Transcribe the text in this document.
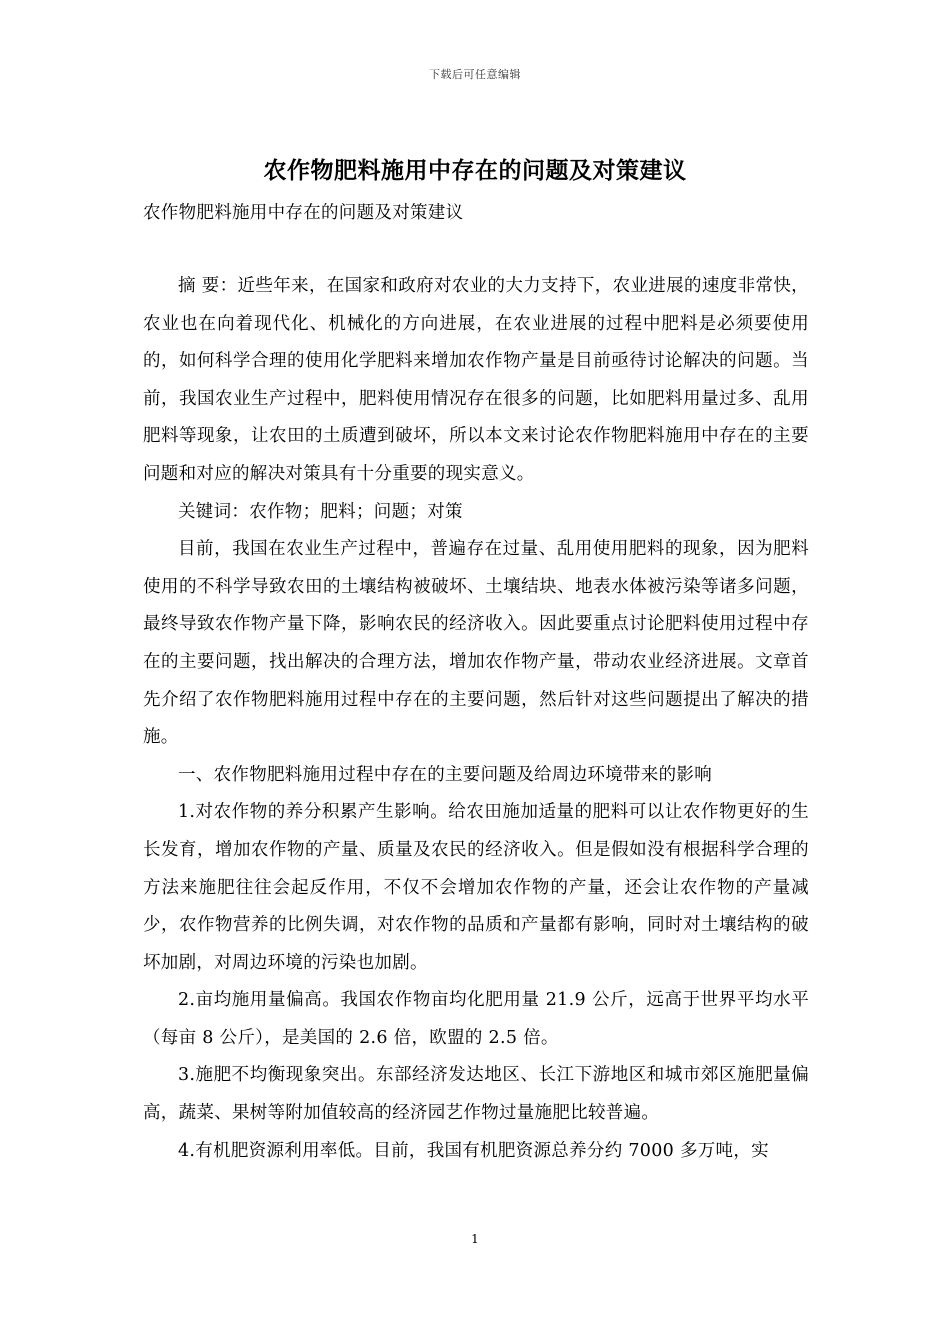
下载后可任意编辑
农作物肥料施用中存在的问题及对策建议
农作物肥料施用中存在的问题及对策建议

摘 要：近些年来，在国家和政府对农业的大力支持下，农业进展的速度非常快，农业也在向着现代化、机械化的方向进展，在农业进展的过程中肥料是必须要使用的，如何科学合理的使用化学肥料来增加农作物产量是目前亟待讨论解决的问题。当前，我国农业生产过程中，肥料使用情况存在很多的问题，比如肥料用量过多、乱用肥料等现象，让农田的土质遭到破坏，所以本文来讨论农作物肥料施用中存在的主要问题和对应的解决对策具有十分重要的现实意义。

关键词：农作物；肥料；问题；对策

目前，我国在农业生产过程中，普遍存在过量、乱用使用肥料的现象，因为肥料使用的不科学导致农田的土壤结构被破坏、土壤结块、地表水体被污染等诸多问题，最终导致农作物产量下降，影响农民的经济收入。因此要重点讨论肥料使用过程中存在的主要问题，找出解决的合理方法，增加农作物产量，带动农业经济进展。文章首先介绍了农作物肥料施用过程中存在的主要问题，然后针对这些问题提出了解决的措施。

一、农作物肥料施用过程中存在的主要问题及给周边环境带来的影响

1.对农作物的养分积累产生影响。给农田施加适量的肥料可以让农作物更好的生长发育，增加农作物的产量、质量及农民的经济收入。但是假如没有根据科学合理的方法来施肥往往会起反作用，不仅不会增加农作物的产量，还会让农作物的产量减少，农作物营养的比例失调，对农作物的品质和产量都有影响，同时对土壤结构的破坏加剧，对周边环境的污染也加剧。

2.亩均施用量偏高。我国农作物亩均化肥用量 21.9 公斤，远高于世界平均水平（每亩 8 公斤），是美国的 2.6 倍，欧盟的 2.5 倍。

3.施肥不均衡现象突出。东部经济发达地区、长江下游地区和城市郊区施肥量偏高，蔬菜、果树等附加值较高的经济园艺作物过量施肥比较普遍。

4.有机肥资源利用率低。目前，我国有机肥资源总养分约 7000 多万吨，实

1
